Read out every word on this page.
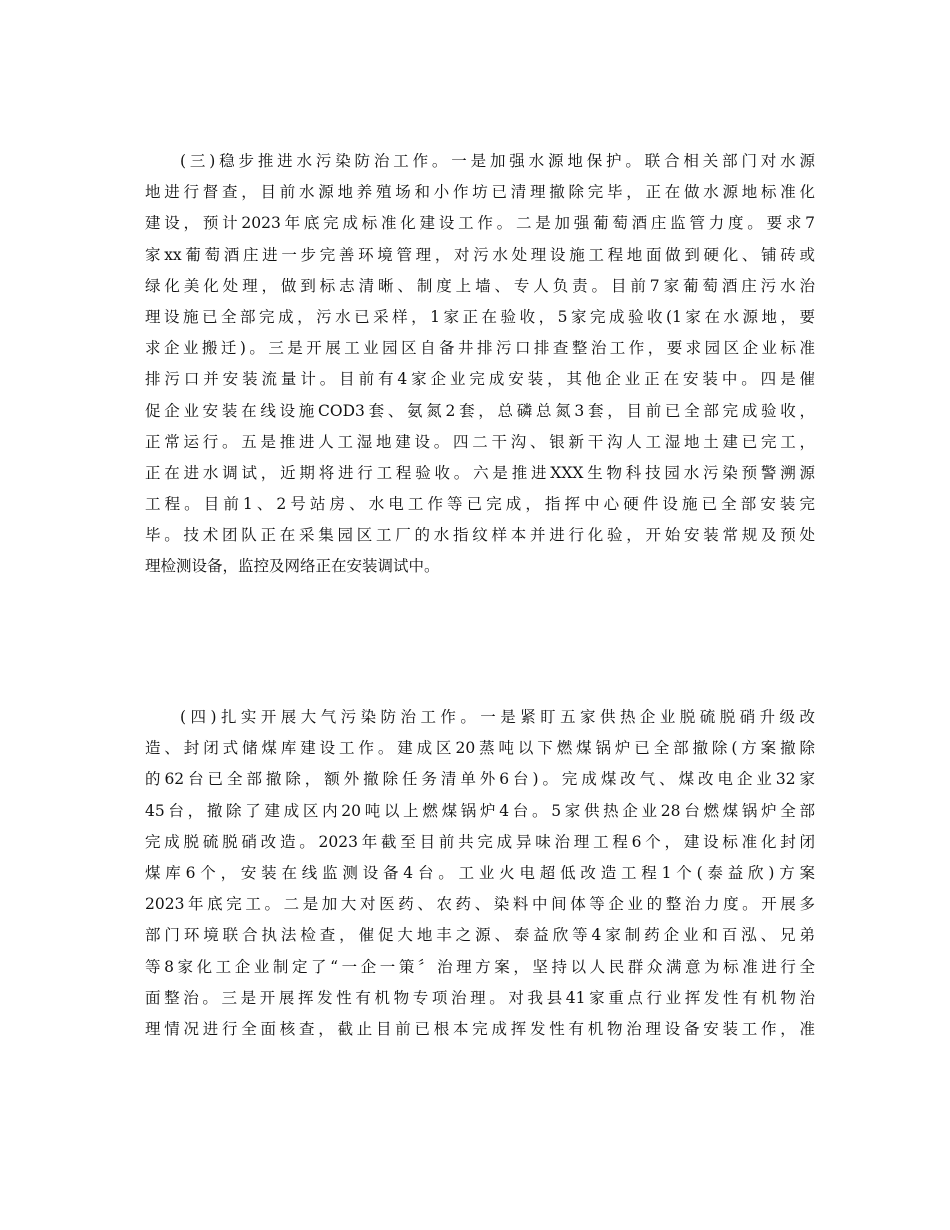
(三)稳步推进水污染防治工作。一是加强水源地保护。联合相关部门对水源
地进行督查，目前水源地养殖场和小作坊已清理撤除完毕，正在做水源地标准化
建设，预计2023年底完成标准化建设工作。二是加强葡萄酒庄监管力度。要求7
家xx葡萄酒庄进一步完善环境管理，对污水处理设施工程地面做到硬化、铺砖或
绿化美化处理，做到标志清晰、制度上墙、专人负责。目前7家葡萄酒庄污水治
理设施已全部完成，污水已采样，1家正在验收，5家完成验收(1家在水源地，要
求企业搬迁)。三是开展工业园区自备井排污口排查整治工作，要求园区企业标准
排污口并安装流量计。目前有4家企业完成安装，其他企业正在安装中。四是催
促企业安装在线设施COD3套、氨氮2套，总磷总氮3套，目前已全部完成验收，
正常运行。五是推进人工湿地建设。四二干沟、银新干沟人工湿地土建已完工，
正在进水调试，近期将进行工程验收。六是推进XXX生物科技园水污染预警溯源
工程。目前1、2号站房、水电工作等已完成，指挥中心硬件设施已全部安装完
毕。技术团队正在采集园区工厂的水指纹样本并进行化验，开始安装常规及预处
理检测设备，监控及网络正在安装调试中。
(四)扎实开展大气污染防治工作。一是紧盯五家供热企业脱硫脱硝升级改
造、封闭式储煤库建设工作。建成区20蒸吨以下燃煤锅炉已全部撤除(方案撤除
的62台已全部撤除，额外撤除任务清单外6台)。完成煤改气、煤改电企业32家
45台，撤除了建成区内20吨以上燃煤锅炉4台。5家供热企业28台燃煤锅炉全部
完成脱硫脱硝改造。2023年截至目前共完成异味治理工程6个，建设标准化封闭
煤库6个，安装在线监测设备4台。工业火电超低改造工程1个(泰益欣)方案
2023年底完工。二是加大对医药、农药、染料中间体等企业的整治力度。开展多
部门环境联合执法检查，催促大地丰之源、泰益欣等4家制药企业和百泓、兄弟
等8家化工企业制定了“一企一策〞治理方案，坚持以人民群众满意为标准进行全
面整治。三是开展挥发性有机物专项治理。对我县41家重点行业挥发性有机物治
理情况进行全面核查，截止目前已根本完成挥发性有机物治理设备安装工作，准
